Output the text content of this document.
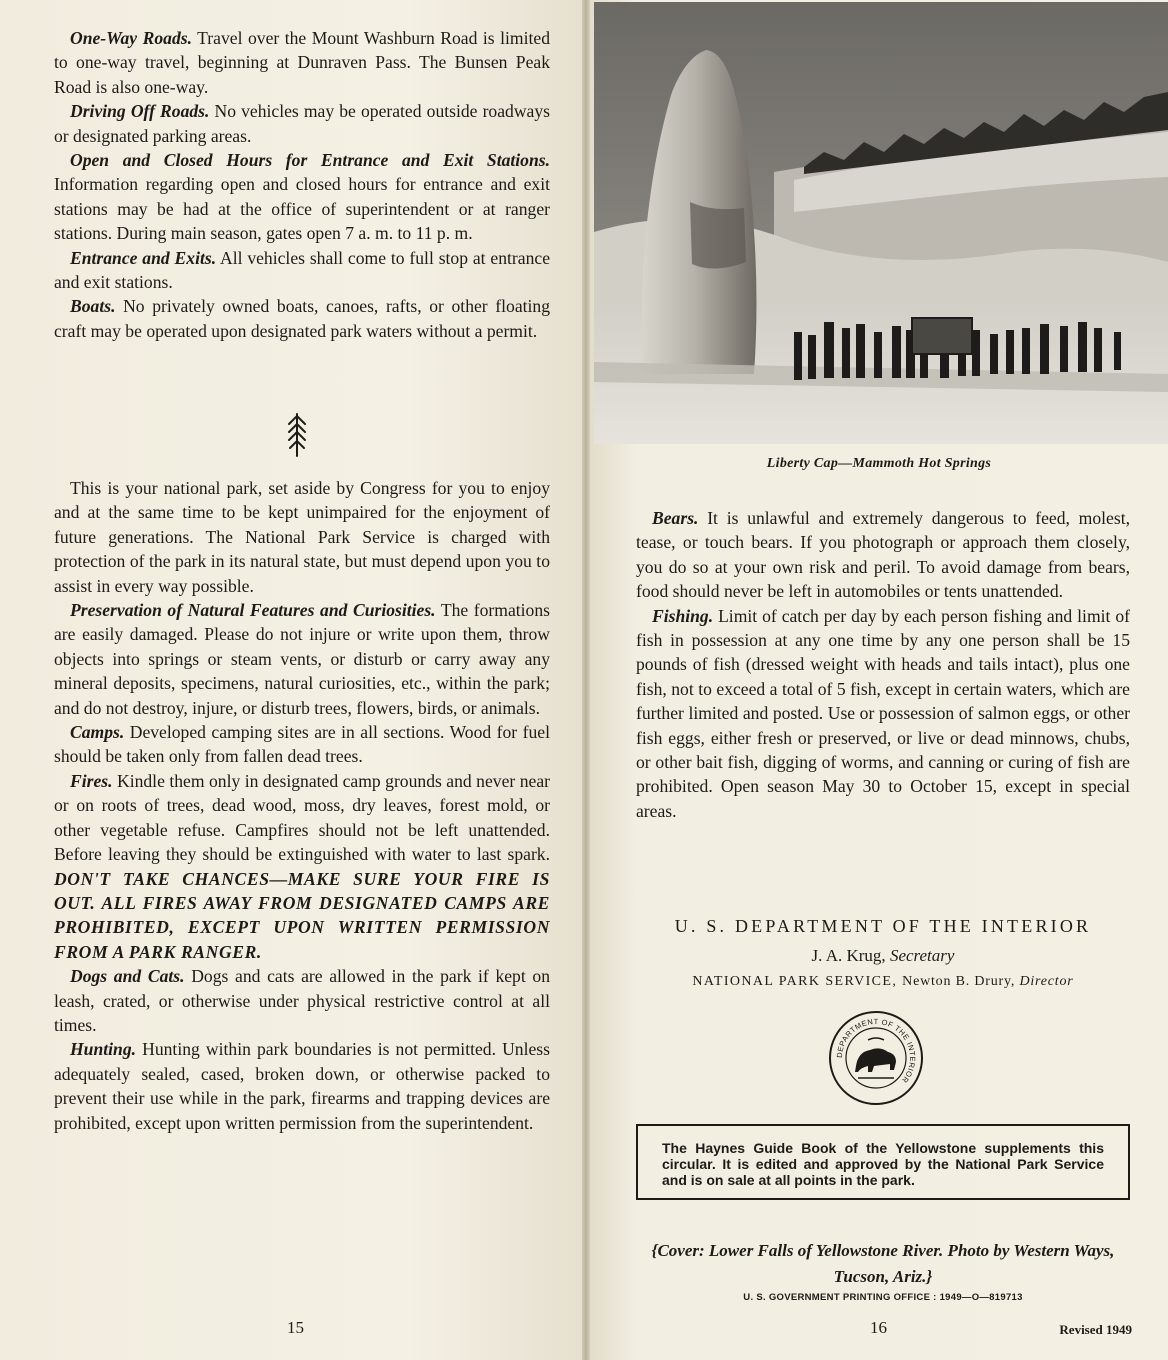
One-Way Roads. Travel over the Mount Washburn Road is limited to one-way travel, beginning at Dunraven Pass. The Bunsen Peak Road is also one-way.

Driving Off Roads. No vehicles may be operated outside roadways or designated parking areas.

Open and Closed Hours for Entrance and Exit Stations. Information regarding open and closed hours for entrance and exit stations may be had at the office of superintendent or at ranger stations. During main season, gates open 7 a. m. to 11 p. m.

Entrance and Exits. All vehicles shall come to full stop at entrance and exit stations.

Boats. No privately owned boats, canoes, rafts, or other floating craft may be operated upon designated park waters without a permit.

This is your national park, set aside by Congress for you to enjoy and at the same time to be kept unimpaired for the enjoyment of future generations. The National Park Service is charged with protection of the park in its natural state, but must depend upon you to assist in every way possible.

Preservation of Natural Features and Curiosities. The formations are easily damaged. Please do not injure or write upon them, throw objects into springs or steam vents, or disturb or carry away any mineral deposits, specimens, natural curiosities, etc., within the park; and do not destroy, injure, or disturb trees, flowers, birds, or animals.

Camps. Developed camping sites are in all sections. Wood for fuel should be taken only from fallen dead trees.

Fires. Kindle them only in designated camp grounds and never near or on roots of trees, dead wood, moss, dry leaves, forest mold, or other vegetable refuse. Campfires should not be left unattended. Before leaving they should be extinguished with water to last spark. DON'T TAKE CHANCES—MAKE SURE YOUR FIRE IS OUT. ALL FIRES AWAY FROM DESIGNATED CAMPS ARE PROHIBITED, EXCEPT UPON WRITTEN PERMISSION FROM A PARK RANGER.

Dogs and Cats. Dogs and cats are allowed in the park if kept on leash, crated, or otherwise under physical restrictive control at all times.

Hunting. Hunting within park boundaries is not permitted. Unless adequately sealed, cased, broken down, or otherwise packed to prevent their use while in the park, firearms and trapping devices are prohibited, except upon written permission from the superintendent.

15
Liberty Cap—Mammoth Hot Springs

Bears. It is unlawful and extremely dangerous to feed, molest, tease, or touch bears. If you photograph or approach them closely, you do so at your own risk and peril. To avoid damage from bears, food should never be left in automobiles or tents unattended.

Fishing. Limit of catch per day by each person fishing and limit of fish in possession at any one time by any one person shall be 15 pounds of fish (dressed weight with heads and tails intact), plus one fish, not to exceed a total of 5 fish, except in certain waters, which are further limited and posted. Use or possession of salmon eggs, or other fish eggs, either fresh or preserved, or live or dead minnows, chubs, or other bait fish, digging of worms, and canning or curing of fish are prohibited. Open season May 30 to October 15, except in special areas.

U. S. DEPARTMENT OF THE INTERIOR
J. A. Krug, Secretary
NATIONAL PARK SERVICE, Newton B. Drury, Director
DEPARTMENT OF THE INTERIOR
The Haynes Guide Book of the Yellowstone supplements this circular. It is edited and approved by the National Park Service and is on sale at all points in the park.
{Cover: Lower Falls of Yellowstone River. Photo by Western Ways, Tucson, Ariz.}
U. S. GOVERNMENT PRINTING OFFICE : 1949—O—819713
16	Revised 1949
